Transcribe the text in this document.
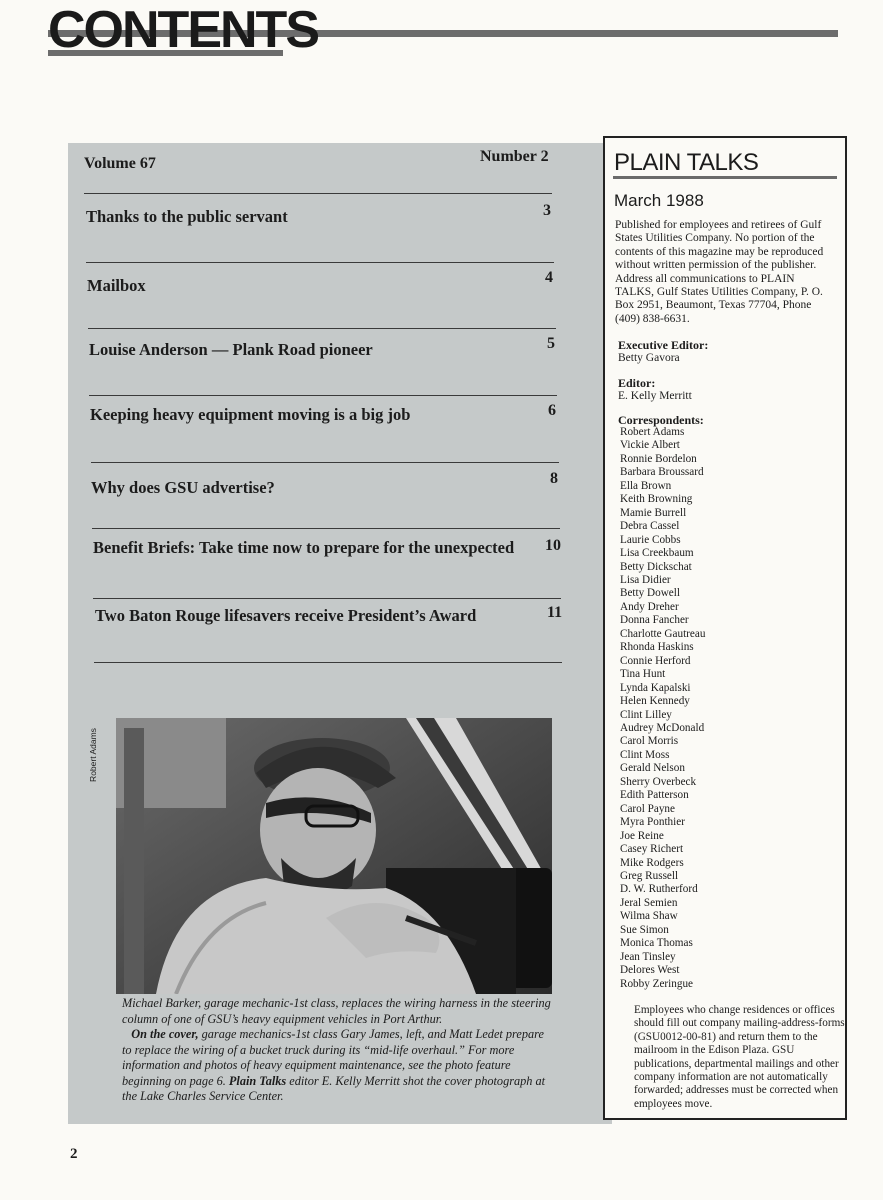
CONTENTS
Volume 67	Number 2
Thanks to the public servant	3
Mailbox	4
Louise Anderson — Plank Road pioneer	5
Keeping heavy equipment moving is a big job	6
Why does GSU advertise?	8
Benefit Briefs: Take time now to prepare for the unexpected 10
Two Baton Rouge lifesavers receive President’s Award	11
Robert Adams
Michael Barker, garage mechanic-1st class, replaces the wiring harness in the steering column of one of GSU’s heavy equipment vehicles in Port Arthur.
On the cover, garage mechanics-1st class Gary James, left, and Matt Ledet prepare to replace the wiring of a bucket truck during its “mid-life overhaul.” For more information and photos of heavy equipment maintenance, see the photo feature beginning on page 6. Plain Talks editor E. Kelly Merritt shot the cover photograph at the Lake Charles Service Center.
PLAIN TALKS
March 1988
Published for employees and retirees of Gulf States Utilities Company. No portion of the contents of this magazine may be reproduced without written permission of the publisher. Address all communications to PLAIN TALKS, Gulf States Utilities Company, P. O. Box 2951, Beaumont, Texas 77704, Phone (409) 838-6631.
Executive Editor:
Betty Gavora
Editor:
E. Kelly Merritt
Correspondents:
Robert Adams
Vickie Albert
Ronnie Bordelon
Barbara Broussard
Ella Brown
Keith Browning
Mamie Burrell
Debra Cassel
Laurie Cobbs
Lisa Creekbaum
Betty Dickschat
Lisa Didier
Betty Dowell
Andy Dreher
Donna Fancher
Charlotte Gautreau
Rhonda Haskins
Connie Herford
Tina Hunt
Lynda Kapalski
Helen Kennedy
Clint Lilley
Audrey McDonald
Carol Morris
Clint Moss
Gerald Nelson
Sherry Overbeck
Edith Patterson
Carol Payne
Myra Ponthier
Joe Reine
Casey Richert
Mike Rodgers
Greg Russell
D. W. Rutherford
Jeral Semien
Wilma Shaw
Sue Simon
Monica Thomas
Jean Tinsley
Delores West
Robby Zeringue
Employees who change residences or offices should fill out company mailing-address-forms (GSU0012-00-81) and return them to the mailroom in the Edison Plaza. GSU publications, departmental mailings and other company information are not automatically forwarded; addresses must be corrected when employees move.
2
